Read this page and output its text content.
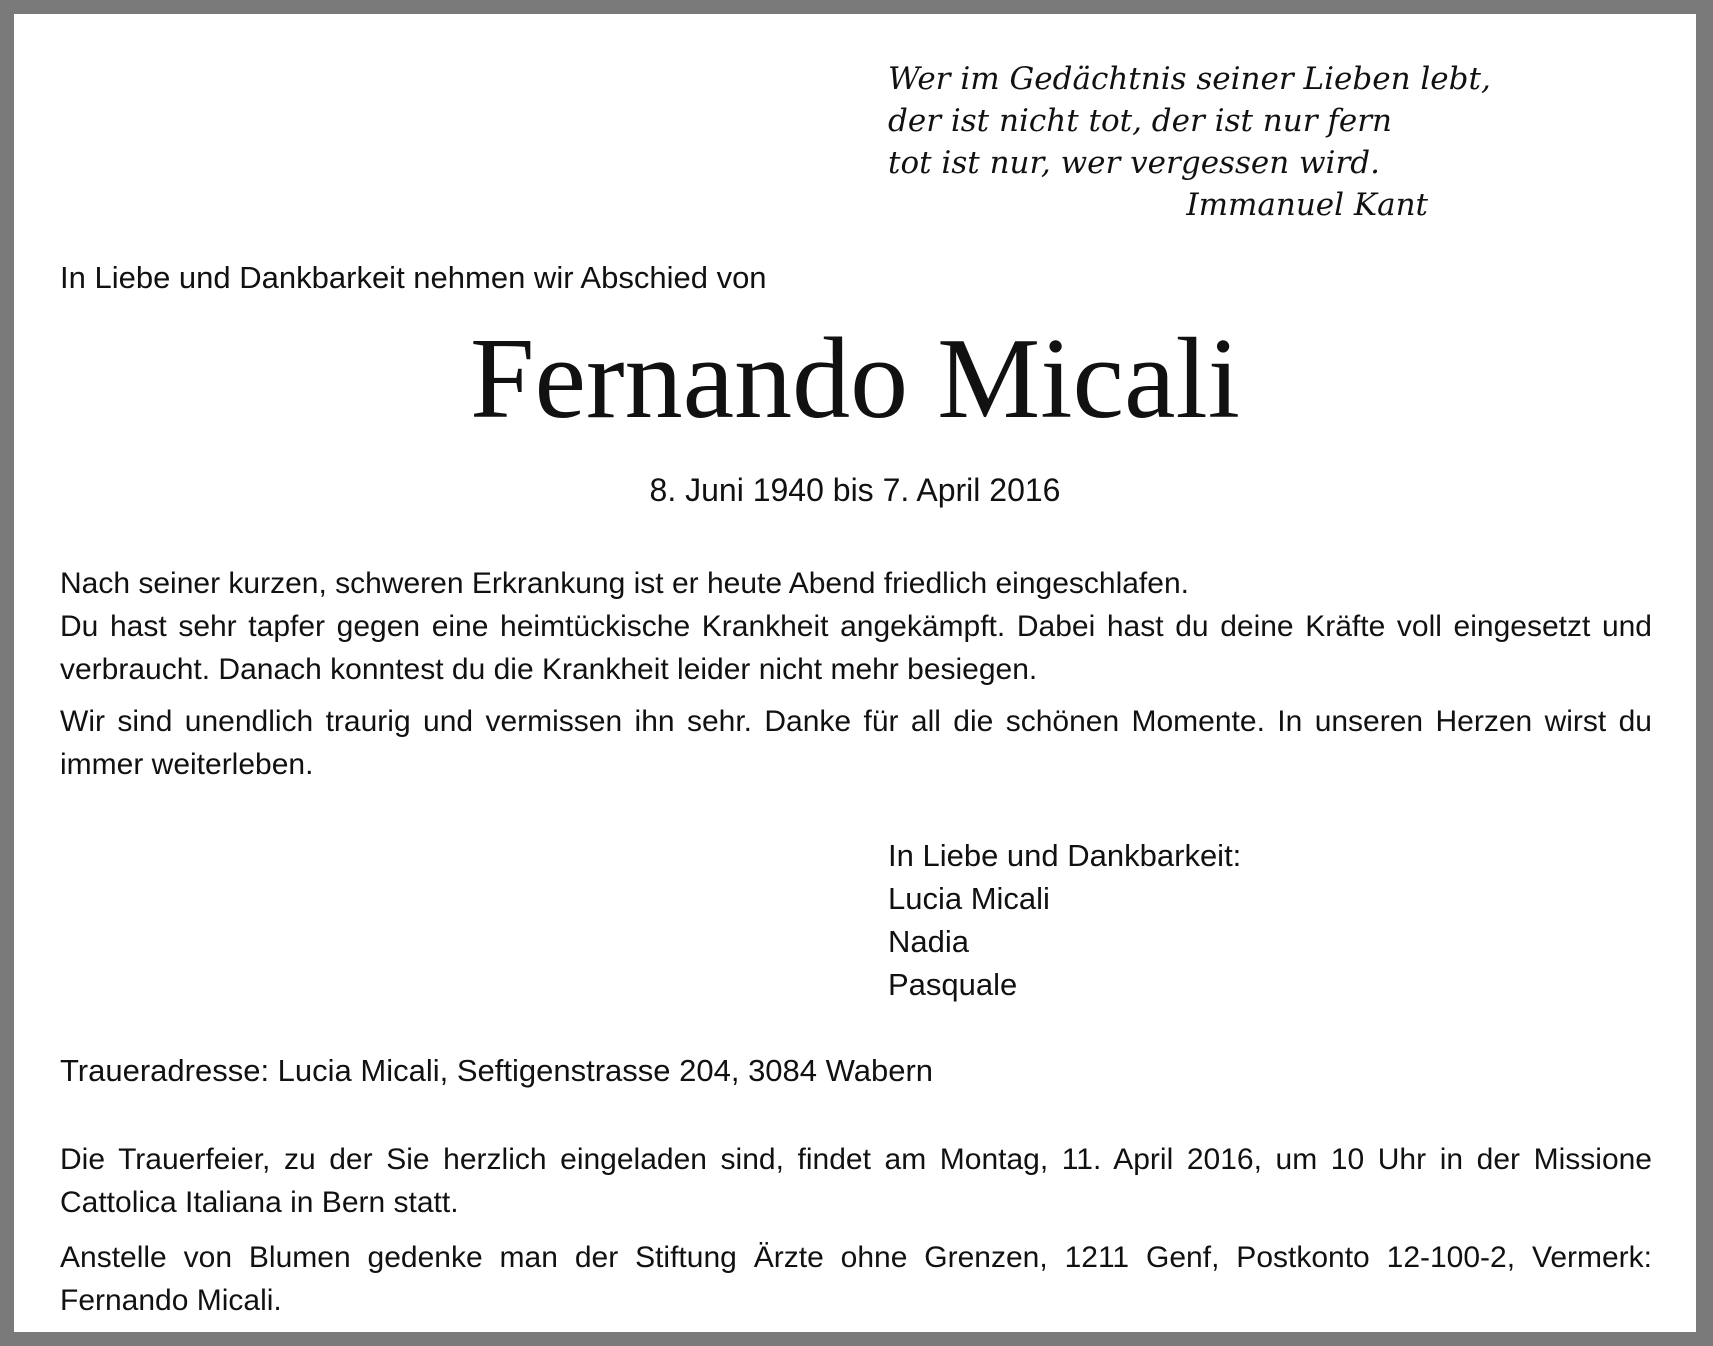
Wer im Gedächtnis seiner Lieben lebt,
der ist nicht tot, der ist nur fern
tot ist nur, wer vergessen wird.
Immanuel Kant
In Liebe und Dankbarkeit nehmen wir Abschied von
Fernando Micali
8. Juni 1940 bis 7. April 2016

Nach seiner kurzen, schweren Erkrankung ist er heute Abend friedlich eingeschlafen.
Du hast sehr tapfer gegen eine heimtückische Krankheit angekämpft. Dabei hast du deine Kräfte voll eingesetzt und verbraucht. Danach konntest du die Krankheit leider nicht mehr besiegen.

Wir sind unendlich traurig und vermissen ihn sehr. Danke für all die schönen Momente. In unseren Herzen wirst du immer weiterleben.

In Liebe und Dankbarkeit:
Lucia Micali
Nadia
Pasquale
Traueradresse: Lucia Micali, Seftigenstrasse 204, 3084 Wabern

Die Trauerfeier, zu der Sie herzlich eingeladen sind, findet am Montag, 11. April 2016, um 10 Uhr in der Missione Cattolica Italiana in Bern statt.

Anstelle von Blumen gedenke man der Stiftung Ärzte ohne Grenzen, 1211 Genf, Postkonto 12-100-2, Vermerk: Fernando Micali.
